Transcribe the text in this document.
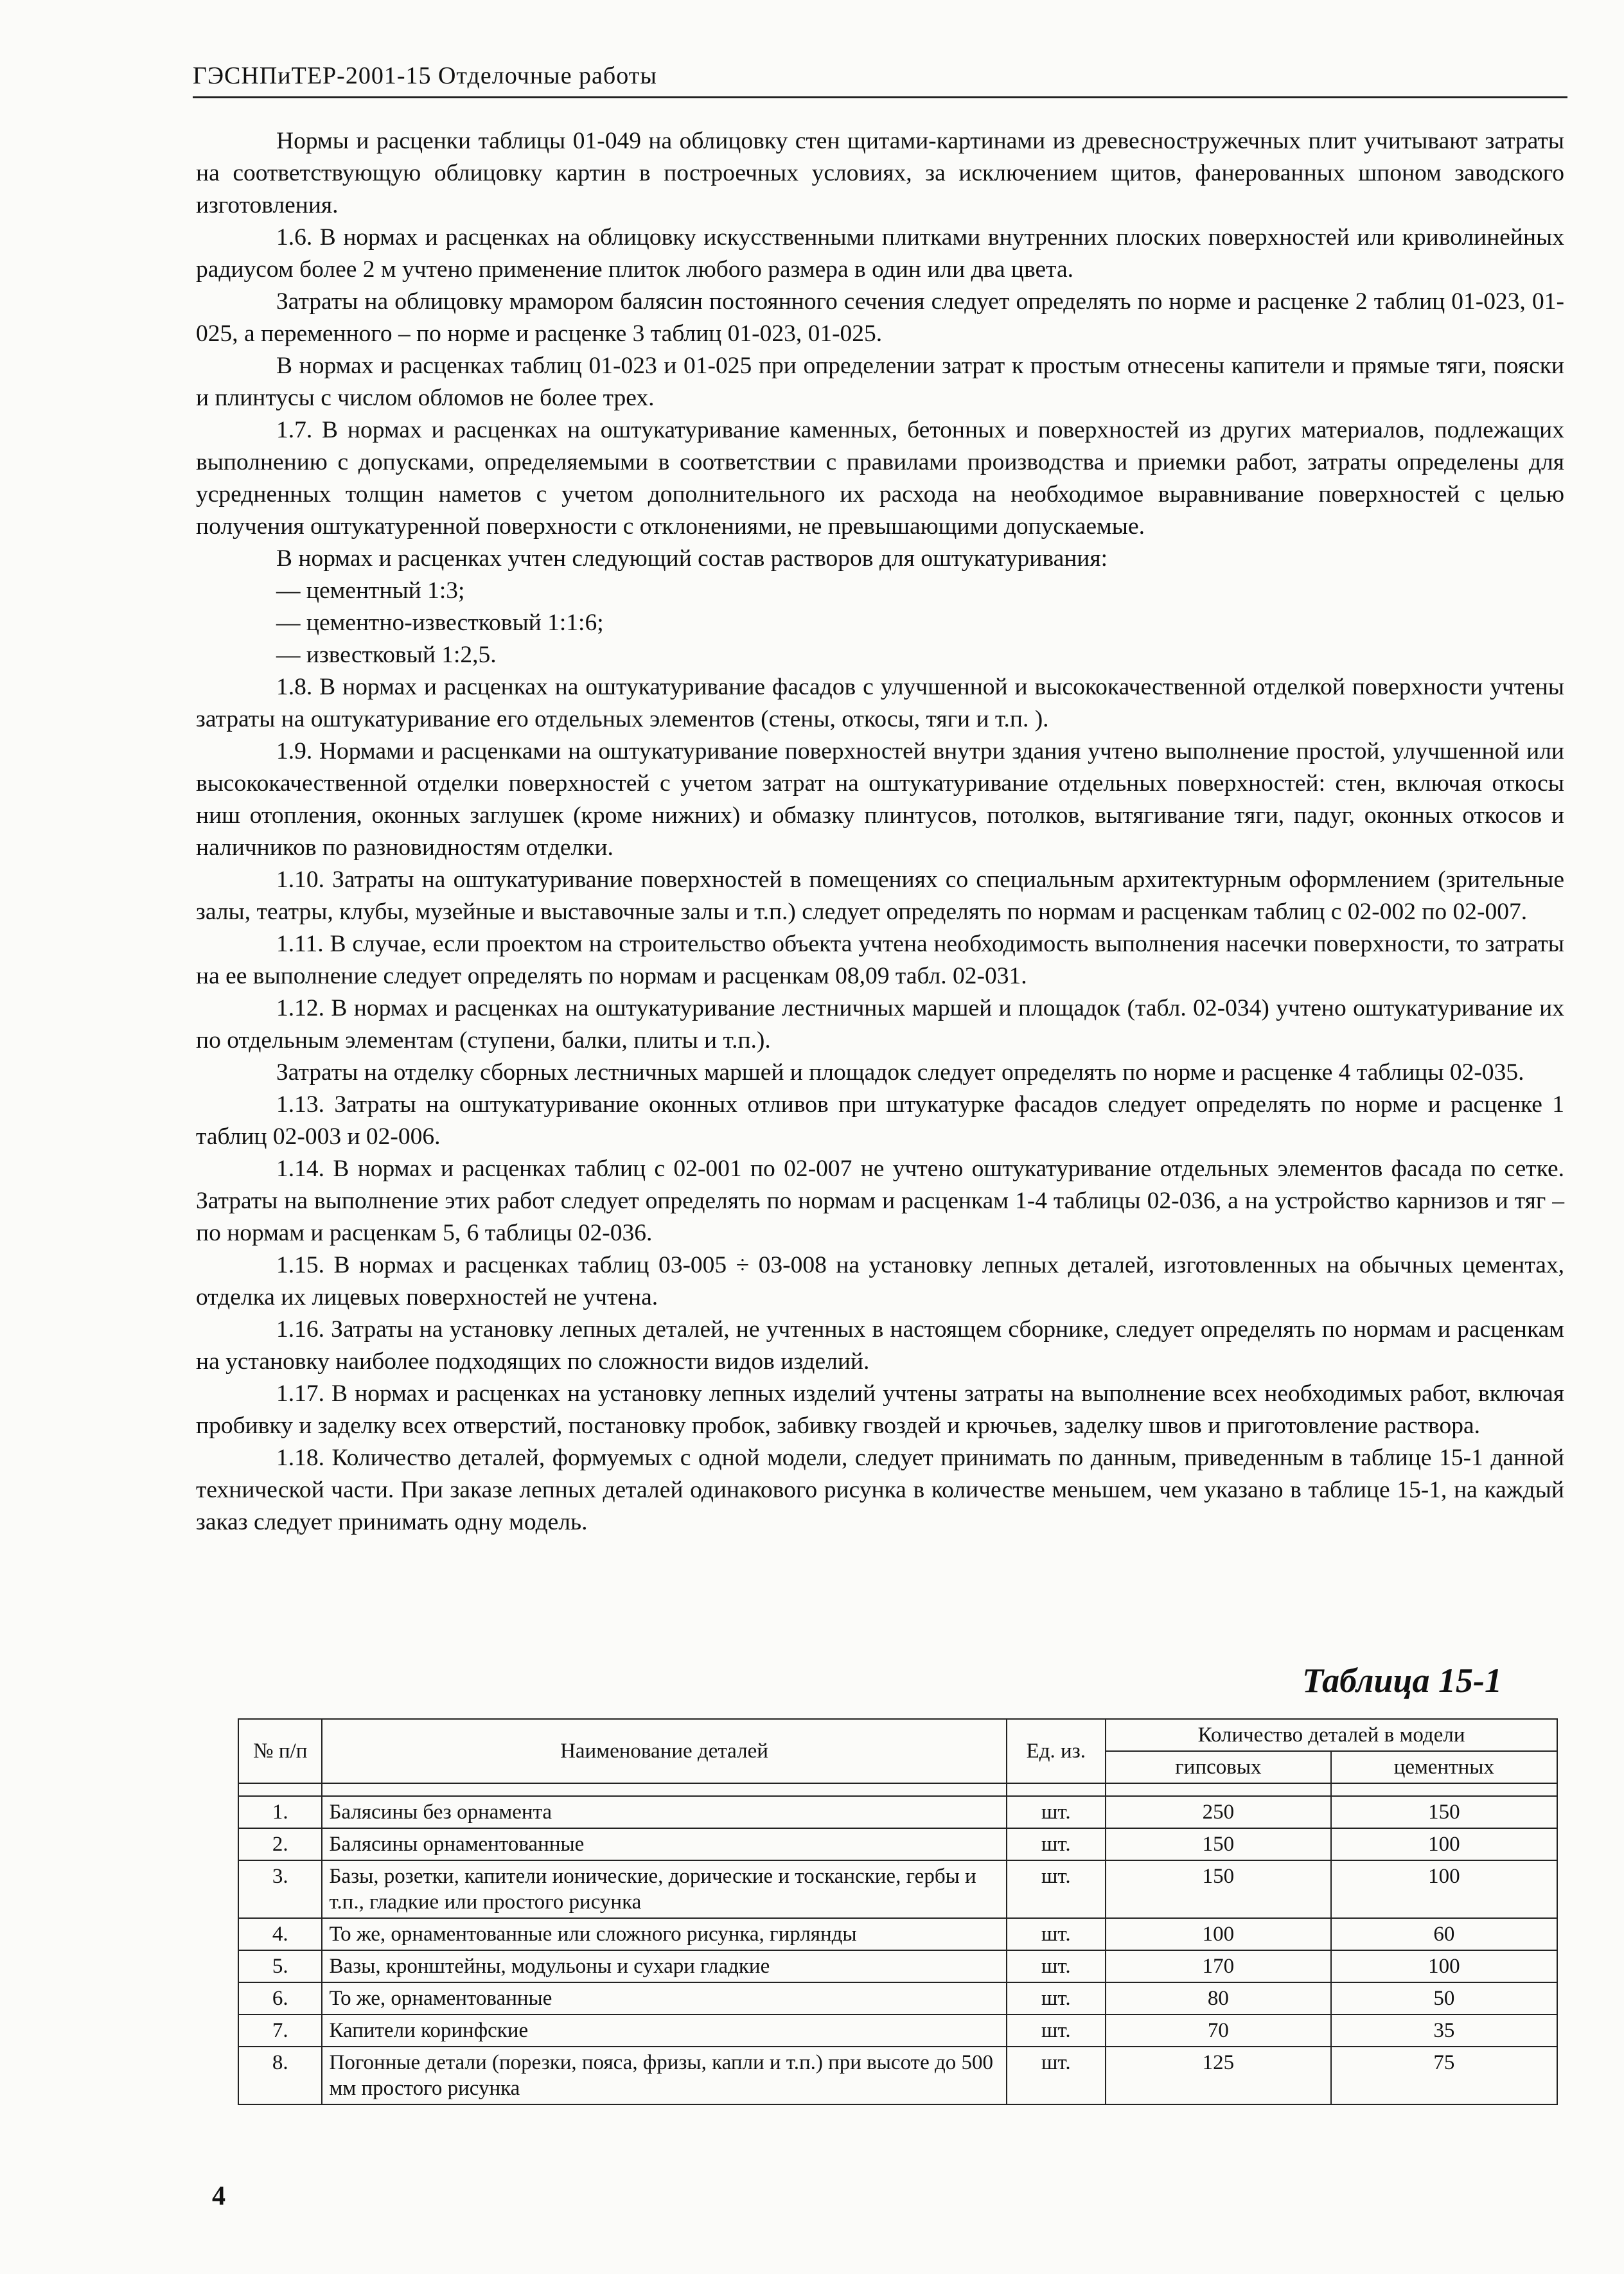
ГЭСНПиТЕР-2001-15 Отделочные работы

Нормы и расценки таблицы 01-049 на облицовку стен щитами-картинами из древесностружечных плит учитывают затраты на соответствующую облицовку картин в построечных условиях, за исключением щитов, фанерованных шпоном заводского изготовления.

1.6. В нормах и расценках на облицовку искусственными плитками внутренних плоских поверхностей или криволинейных радиусом более 2 м учтено применение плиток любого размера в один или два цвета.

Затраты на облицовку мрамором балясин постоянного сечения следует определять по норме и расценке 2 таблиц 01-023, 01-025, а переменного – по норме и расценке 3 таблиц 01-023, 01-025.

В нормах и расценках таблиц 01-023 и 01-025 при определении затрат к простым отнесены капители и прямые тяги, пояски и плинтусы с числом обломов не более трех.

1.7. В нормах и расценках на оштукатуривание каменных, бетонных и поверхностей из других материалов, подлежащих выполнению с допусками, определяемыми в соответствии с правилами производства и приемки работ, затраты определены для усредненных толщин наметов с учетом дополнительного их расхода на необходимое выравнивание поверхностей с целью получения оштукатуренной поверхности с отклонениями, не превышающими допускаемые.

В нормах и расценках учтен следующий состав растворов для оштукатуривания:

— цементный 1:3;

— цементно-известковый 1:1:6;

— известковый 1:2,5.

1.8. В нормах и расценках на оштукатуривание фасадов с улучшенной и высококачественной отделкой поверхности учтены затраты на оштукатуривание его отдельных элементов (стены, откосы, тяги и т.п. ).

1.9. Нормами и расценками на оштукатуривание поверхностей внутри здания учтено выполнение простой, улучшенной или высококачественной отделки поверхностей с учетом затрат на оштукатуривание отдельных поверхностей: стен, включая откосы ниш отопления, оконных заглушек (кроме нижних) и обмазку плинтусов, потолков, вытягивание тяги, падуг, оконных откосов и наличников по разновидностям отделки.

1.10. Затраты на оштукатуривание поверхностей в помещениях со специальным архитектурным оформлением (зрительные залы, театры, клубы, музейные и выставочные залы и т.п.) следует определять по нормам и расценкам таблиц с 02-002 по 02-007.

1.11. В случае, если проектом на строительство объекта учтена необходимость выполнения насечки поверхности, то затраты на ее выполнение следует определять по нормам и расценкам 08,09 табл. 02-031.

1.12. В нормах и расценках на оштукатуривание лестничных маршей и площадок (табл. 02-034) учтено оштукатуривание их по отдельным элементам (ступени, балки, плиты и т.п.).

Затраты на отделку сборных лестничных маршей и площадок следует определять по норме и расценке 4 таблицы 02-035.

1.13. Затраты на оштукатуривание оконных отливов при штукатурке фасадов следует определять по норме и расценке 1 таблиц 02-003 и 02-006.

1.14. В нормах и расценках таблиц с 02-001 по 02-007 не учтено оштукатуривание отдельных элементов фасада по сетке. Затраты на выполнение этих работ следует определять по нормам и расценкам 1-4 таблицы 02-036, а на устройство карнизов и тяг – по нормам и расценкам 5, 6 таблицы 02-036.

1.15. В нормах и расценках таблиц 03-005 ÷ 03-008 на установку лепных деталей, изготовленных на обычных цементах, отделка их лицевых поверхностей не учтена.

1.16. Затраты на установку лепных деталей, не учтенных в настоящем сборнике, следует определять по нормам и расценкам на установку наиболее подходящих по сложности видов изделий.

1.17. В нормах и расценках на установку лепных изделий учтены затраты на выполнение всех необходимых работ, включая пробивку и заделку всех отверстий, постановку пробок, забивку гвоздей и крючьев, заделку швов и приготовление раствора.

1.18. Количество деталей, формуемых с одной модели, следует принимать по данным, приведенным в таблице 15-1 данной технической части. При заказе лепных деталей одинакового рисунка в количестве меньшем, чем указано в таблице 15-1, на каждый заказ следует принимать одну модель.

Таблица 15-1
№ п/п	Наименование деталей	Ед. из.	Количество деталей в модели	
			гипсовых	цементных

1.	Балясины без орнамента	шт.	250	150
2.	Балясины орнаментованные	шт.	150	100
3.	Базы, розетки, капители ионические, дорические и тосканские, гербы и т.п., гладкие или простого рисунка	шт.	150	100
4.	То же, орнаментованные или сложного рисунка, гирлянды	шт.	100	60
5.	Вазы, кронштейны, модульоны и сухари гладкие	шт.	170	100
6.	То же, орнаментованные	шт.	80	50
7.	Капители коринфские	шт.	70	35
8.	Погонные детали (порезки, пояса, фризы, капли и т.п.) при высоте до 500 мм простого рисунка	шт.	125	75
4
